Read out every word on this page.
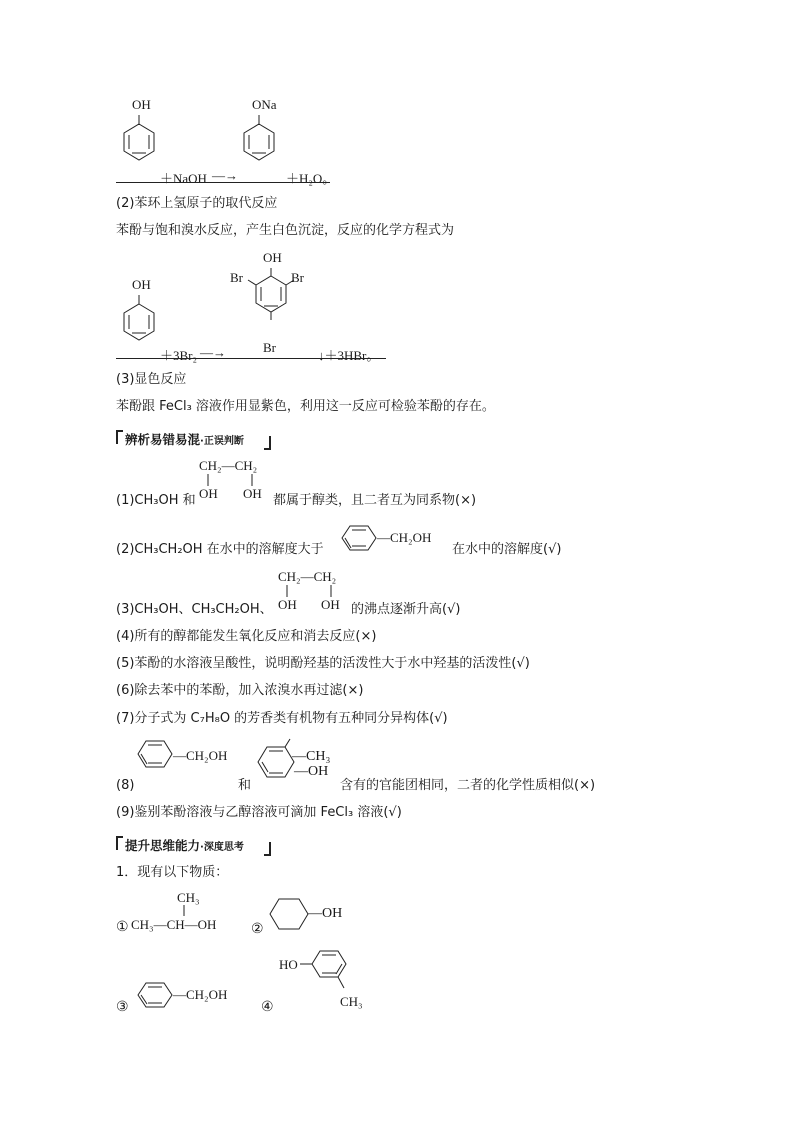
OH
＋NaOH —→
ONa
＋H₂O。
(2)苯环上氢原子的取代反应
苯酚与饱和溴水反应，产生白色沉淀，反应的化学方程式为
OH
＋3Br₂ —→
OH
Br	Br
Br
↓＋3HBr。
(3)显色反应
苯酚跟 FeCl₃ 溶液作用显紫色，利用这一反应可检验苯酚的存在。
辨析易错易混·正误判断
(1)CH₃OH 和
CH₂—CH₂
OH OH 都属于醇类，且二者互为同系物(×)
(2)CH₃CH₂OH 在水中的溶解度大于
—CH₂OH
在水中的溶解度(√)
(3)CH₃OH、CH₃CH₂OH、
CH₂—CH₂
OH OH 的沸点逐渐升高(√)
(4)所有的醇都能发生氧化反应和消去反应(×)
(5)苯酚的水溶液呈酸性，说明酚羟基的活泼性大于水中羟基的活泼性(√)
(6)除去苯中的苯酚，加入浓溴水再过滤(×)
(7)分子式为 C₇H₈O 的芳香类有机物有五种同分异构体(√)
(8)
—CH₂OH
和
—CH₃
—OH
含有的官能团相同，二者的化学性质相似(×)
(9)鉴别苯酚溶液与乙醇溶液可滴加 FeCl₃ 溶液(√)
提升思维能力·深度思考
1．现有以下物质：
①
CH₃
CH₃—CH—OH ②
—OH
③
—CH₂OH
④
HO
CH₃
